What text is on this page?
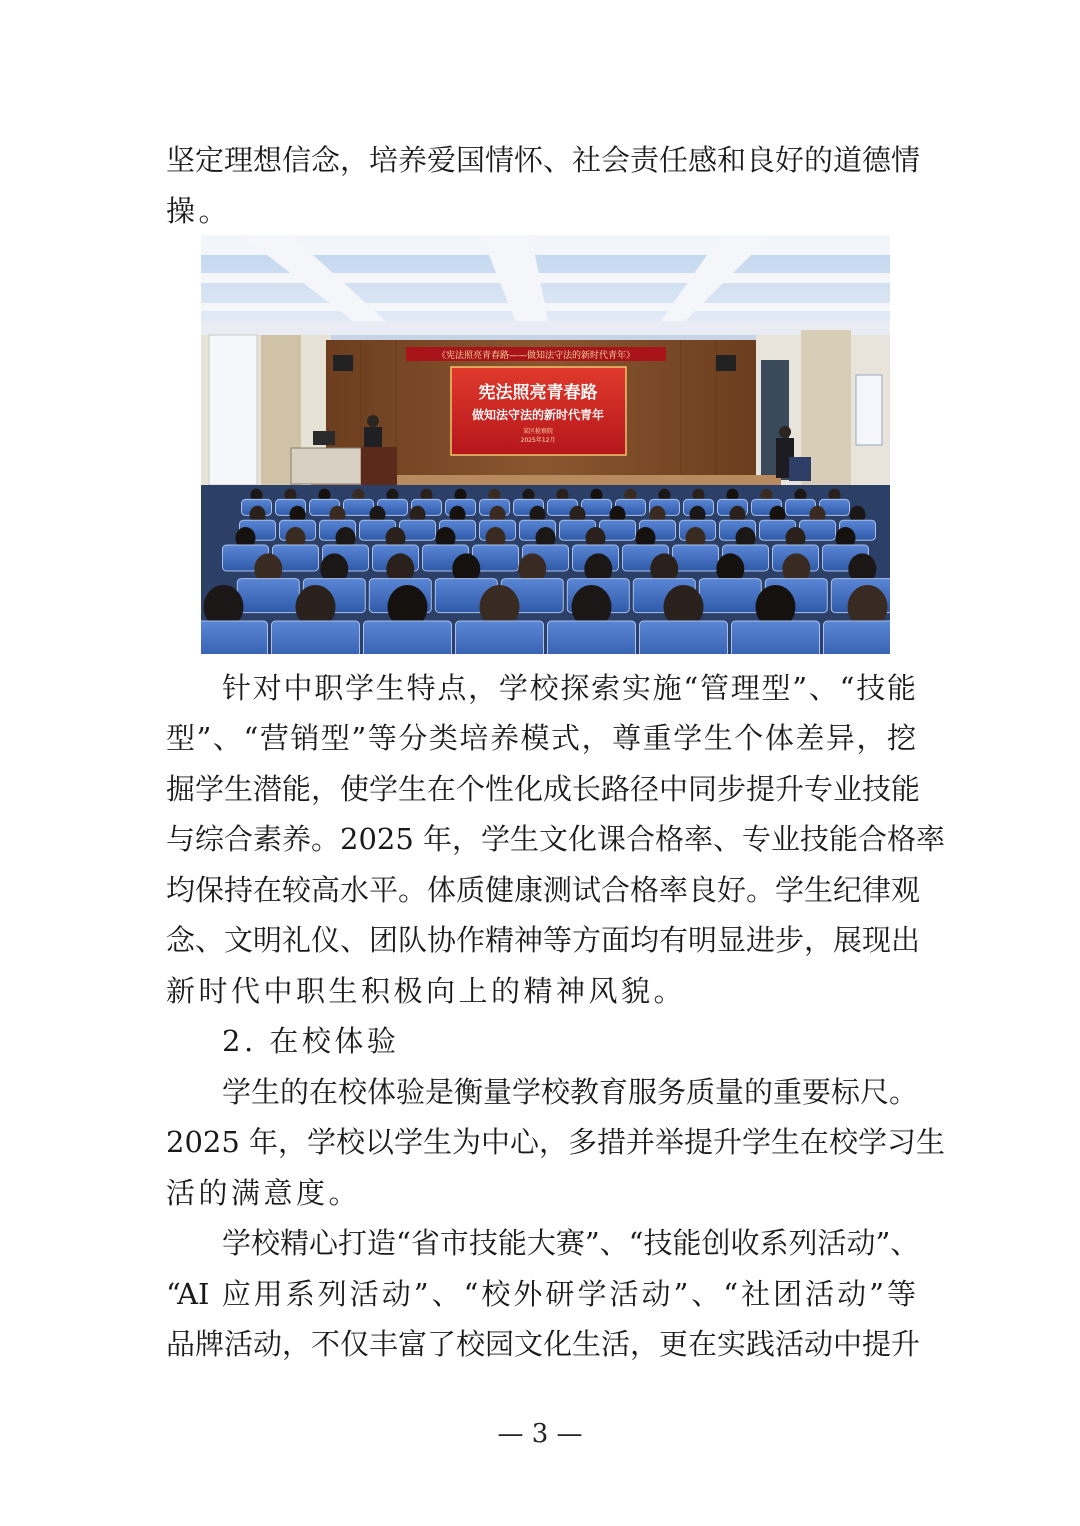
坚定理想信念，培养爱国情怀、社会责任感和良好的道德情
操。
《宪法照亮青春路——做知法守法的新时代青年》
宪法照亮青春路
做知法守法的新时代青年
某区检察院
2025年12月
针对中职学生特点，学校探索实施“管理型”、“技能
型”、“营销型”等分类培养模式，尊重学生个体差异，挖
掘学生潜能，使学生在个性化成长路径中同步提升专业技能
与综合素养。2025 年，学生文化课合格率、专业技能合格率
均保持在较高水平。体质健康测试合格率良好。学生纪律观
念、文明礼仪、团队协作精神等方面均有明显进步，展现出
新时代中职生积极向上的精神风貌。
2. 在校体验
学生的在校体验是衡量学校教育服务质量的重要标尺。
2025 年，学校以学生为中心，多措并举提升学生在校学习生
活的满意度。
学校精心打造“省市技能大赛”、“技能创收系列活动”、
“AI 应用系列活动”、“校外研学活动”、“社团活动”等
品牌活动，不仅丰富了校园文化生活，更在实践活动中提升
— 3 —
